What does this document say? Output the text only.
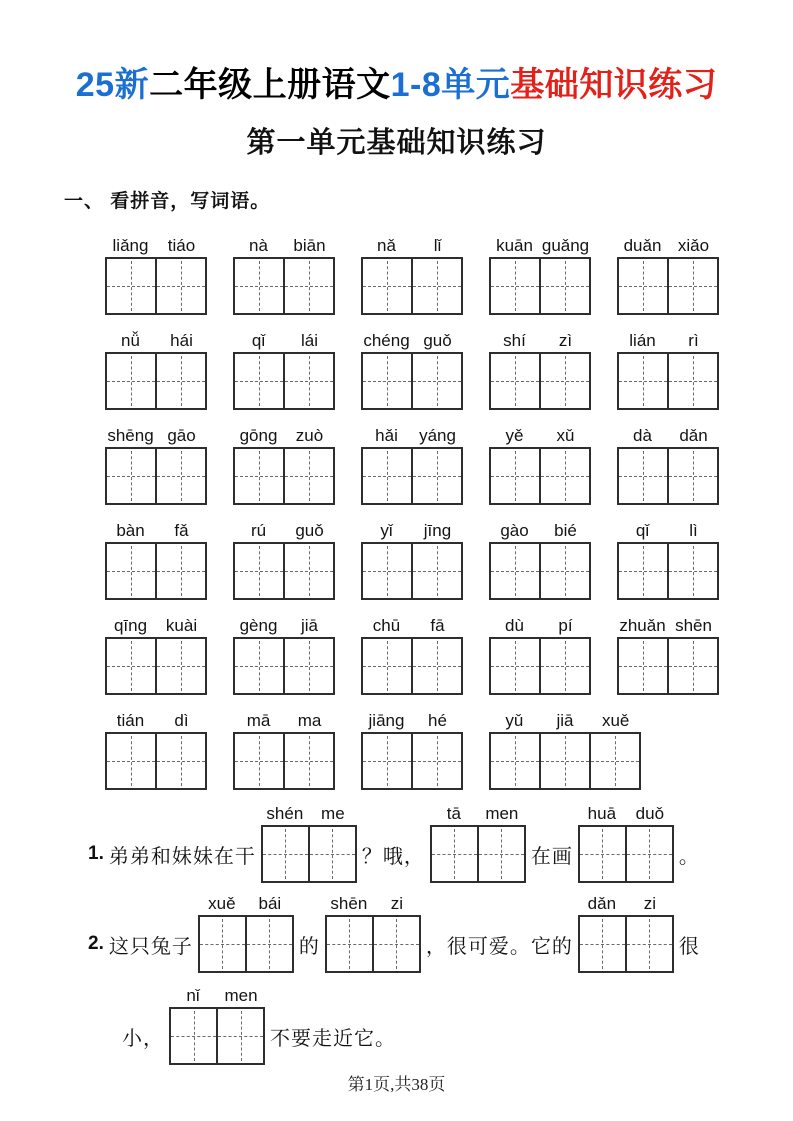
25新二年级上册语文1-8单元基础知识练习
第一单元基础知识练习
一、 看拼音，写词语。
liǎng	tiáo	nà	biān	nǎ	lǐ	kuān guǎng	duǎn xiǎo
nǚ	hái	qǐ	lái	chéng guǒ	shí	zì	lián	rì
shēng gāo	gōng	zuò	hǎi	yáng	yě	xǔ	dà	dǎn
bàn	fǎ	rú	guǒ	yǐ	jīng	gào	bié	qǐ	lì
qīng	kuài	gèng	jiā	chū	fā	dù	pí	zhuǎn shēn
tián	dì	mā	ma	jiāng	hé	yǔ	jiā	xuě
1. 弟弟和妹妹在干
shén	me
？哦，
tā	men
在画
huā	duǒ
。
2. 这只兔子
xuě	bái
的
shēn	zi
，很可爱。它的
dǎn	zi
很
小，
nǐ	men
不要走近它。
第1页,共38页
